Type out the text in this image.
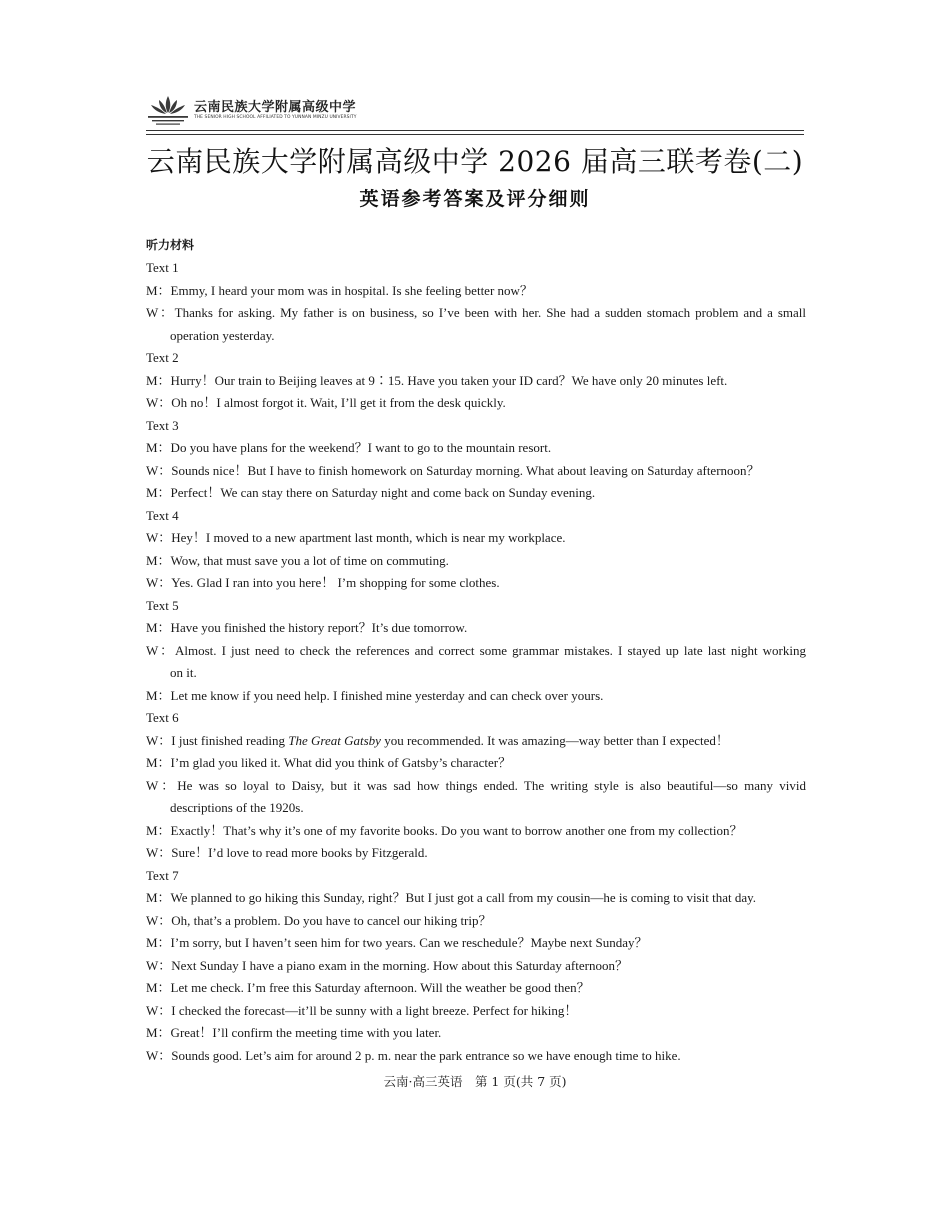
云南民族大学附属高级中学
THE SENIOR HIGH SCHOOL AFFILIATED TO YUNNAN MINZU UNIVERSITY
云南民族大学附属高级中学 2026 届高三联考卷(二)
英语参考答案及评分细则
听力材料
Text 1
M：Emmy, I heard your mom was in hospital. Is she feeling better now？
W：Thanks for asking. My father is on business, so I’ve been with her. She had a sudden stomach problem and a small
operation yesterday.
Text 2
M：Hurry！Our train to Beijing leaves at 9∶15. Have you taken your ID card？We have only 20 minutes left.
W：Oh no！I almost forgot it. Wait, I’ll get it from the desk quickly.
Text 3
M：Do you have plans for the weekend？I want to go to the mountain resort.
W：Sounds nice！But I have to finish homework on Saturday morning. What about leaving on Saturday afternoon？
M：Perfect！We can stay there on Saturday night and come back on Sunday evening.
Text 4
W：Hey！I moved to a new apartment last month, which is near my workplace.
M：Wow, that must save you a lot of time on commuting.
W：Yes. Glad I ran into you here！ I’m shopping for some clothes.
Text 5
M：Have you finished the history report？It’s due tomorrow.
W：Almost. I just need to check the references and correct some grammar mistakes. I stayed up late last night working
on it.
M：Let me know if you need help. I finished mine yesterday and can check over yours.
Text 6
W：I just finished reading The Great Gatsby you recommended. It was amazing—way better than I expected！
M：I’m glad you liked it. What did you think of Gatsby’s character？
W：He was so loyal to Daisy, but it was sad how things ended. The writing style is also beautiful—so many vivid
descriptions of the 1920s.
M：Exactly！That’s why it’s one of my favorite books. Do you want to borrow another one from my collection？
W：Sure！I’d love to read more books by Fitzgerald.
Text 7
M：We planned to go hiking this Sunday, right？But I just got a call from my cousin—he is coming to visit that day.
W：Oh, that’s a problem. Do you have to cancel our hiking trip？
M：I’m sorry, but I haven’t seen him for two years. Can we reschedule？Maybe next Sunday？
W：Next Sunday I have a piano exam in the morning. How about this Saturday afternoon？
M：Let me check. I’m free this Saturday afternoon. Will the weather be good then？
W：I checked the forecast—it’ll be sunny with a light breeze. Perfect for hiking！
M：Great！I’ll confirm the meeting time with you later.
W：Sounds good. Let’s aim for around 2 p. m. near the park entrance so we have enough time to hike.
云南·高三英语　第 1 页(共 7 页)
